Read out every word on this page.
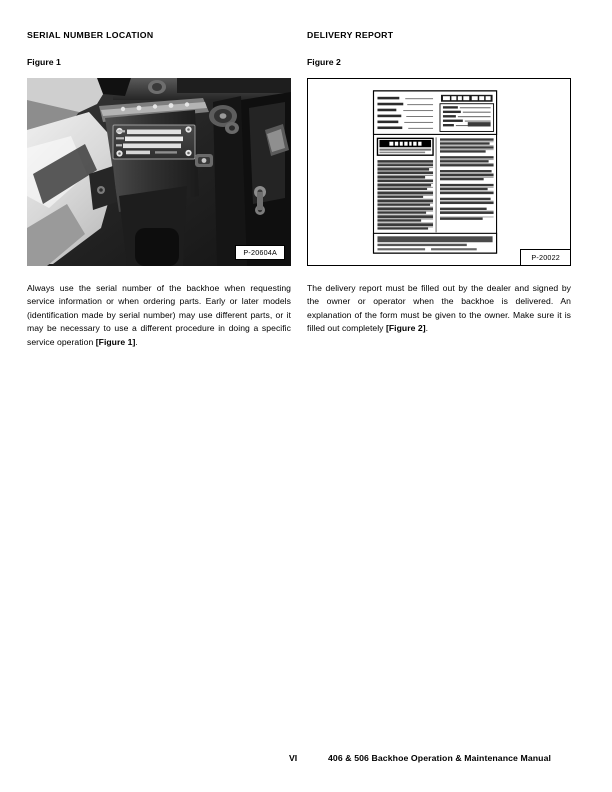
SERIAL NUMBER LOCATION

Figure 1

P-20604A

Always use the serial number of the backhoe when requesting service information or when ordering parts. Early or later models (identification made by serial number) may use different parts, or it may be necessary to use a different procedure in doing a specific service operation [Figure 1].

DELIVERY REPORT

Figure 2

P-20022

The delivery report must be filled out by the dealer and signed by the owner or operator when the backhoe is delivered. An explanation of the form must be given to the owner. Make sure it is filled out completely [Figure 2].

VI	406 & 506 Backhoe Operation & Maintenance Manual
